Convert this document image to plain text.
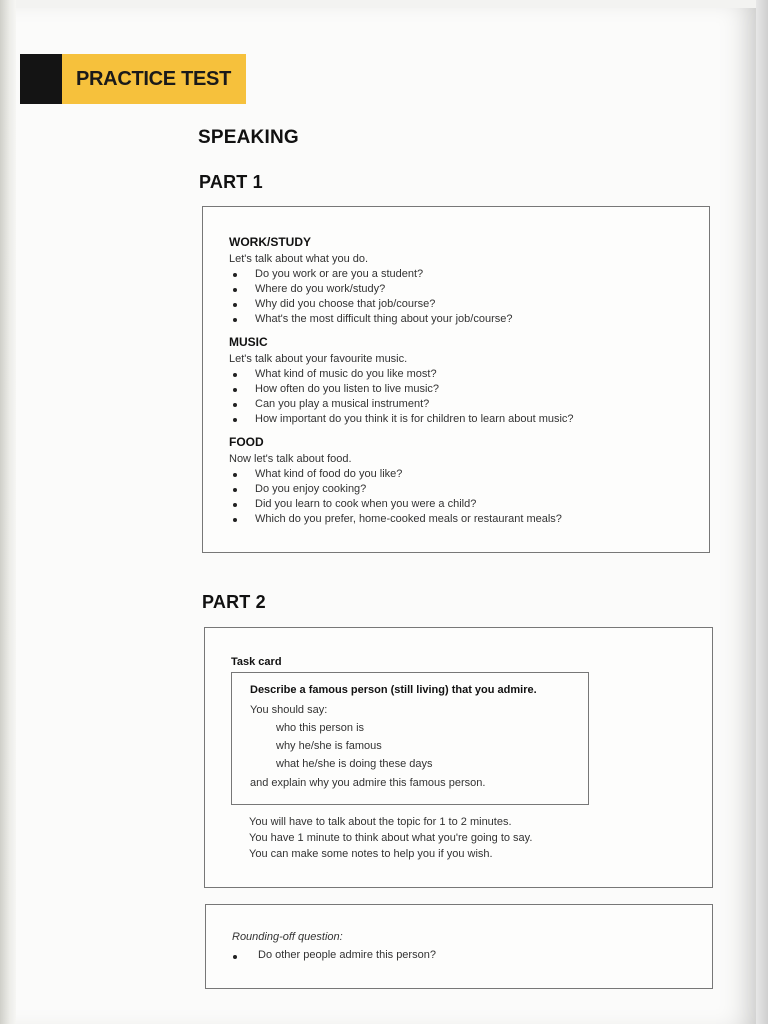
PRACTICE TEST
SPEAKING
PART 1
WORK/STUDY
Let's talk about what you do.
Do you work or are you a student?
Where do you work/study?
Why did you choose that job/course?
What's the most difficult thing about your job/course?
MUSIC
Let's talk about your favourite music.
What kind of music do you like most?
How often do you listen to live music?
Can you play a musical instrument?
How important do you think it is for children to learn about music?
FOOD
Now let's talk about food.
What kind of food do you like?
Do you enjoy cooking?
Did you learn to cook when you were a child?
Which do you prefer, home-cooked meals or restaurant meals?
PART 2
Task card
Describe a famous person (still living) that you admire.
You should say:
who this person is
why he/she is famous
what he/she is doing these days
and explain why you admire this famous person.
You will have to talk about the topic for 1 to 2 minutes.
You have 1 minute to think about what you're going to say.
You can make some notes to help you if you wish.
Rounding-off question:
Do other people admire this person?
